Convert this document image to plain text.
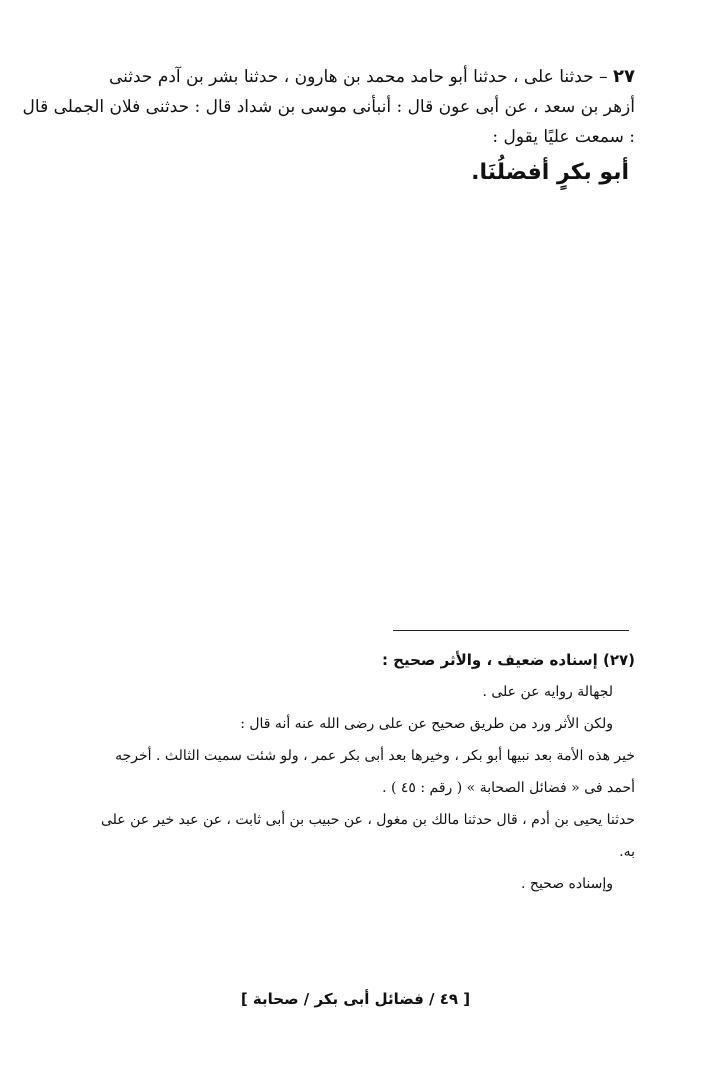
٢٧ – حدثنا على ، حدثنا أبو حامد محمد بن هارون ، حدثنا بشر بن آدم حدثنى
أزهر بن سعد ، عن أبى عون قال : أنبأنى موسى بن شداد قال : حدثنى فلان الجملى قال
: سمعت عليًا يقول :
أبو بكرٍ أفضلُنَا.
(٢٧) إسناده ضعيف ، والأثر صحيح :
لجهالة روايه عن على .
ولكن الأثر ورد من طريق صحيح عن على رضى الله عنه أنه قال :
خير هذه الأمة بعد نبيها أبو بكر ، وخيرها بعد أبى بكر عمر ، ولو شئت سميت الثالث . أخرجه
أحمد فى « فضائل الصحابة » ( رقم : ٤٥ ) .
حدثنا يحيى بن أدم ، قال حدثنا مالك بن مغول ، عن حبيب بن أبى ثابت ، عن عبد خير عن على
به.
وإسناده صحيح .
[ ٤٩ / فضائل أبى بكر / صحابة ]
